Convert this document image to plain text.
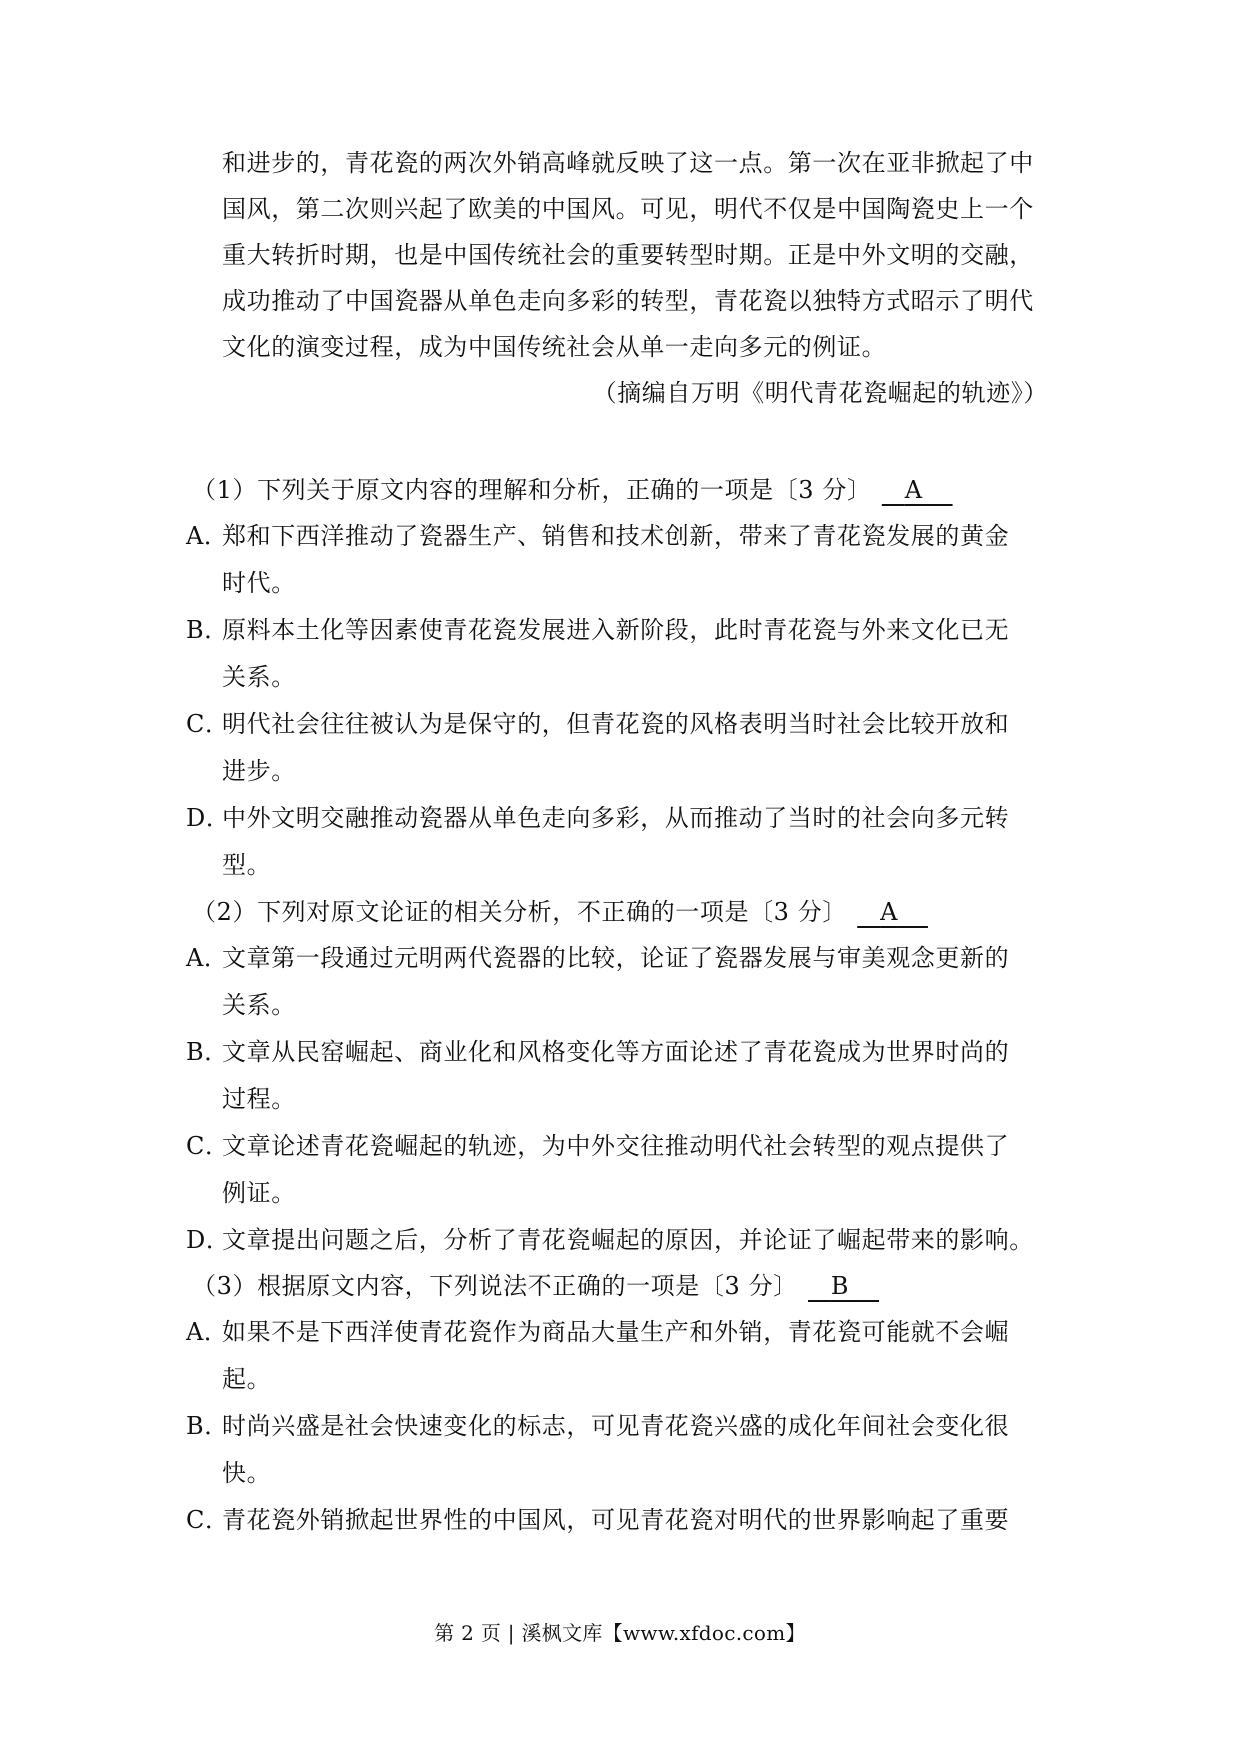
和进步的，青花瓷的两次外销高峰就反映了这一点。第一次在亚非掀起了中
国风，第二次则兴起了欧美的中国风。可见，明代不仅是中国陶瓷史上一个
重大转折时期，也是中国传统社会的重要转型时期。正是中外文明的交融，
成功推动了中国瓷器从单色走向多彩的转型，青花瓷以独特方式昭示了明代
文化的演变过程，成为中国传统社会从单一走向多元的例证。
（摘编自万明《明代青花瓷崛起的轨迹》）
（1）下列关于原文内容的理解和分析，正确的一项是〔3 分〕 A
A．郑和下西洋推动了瓷器生产、销售和技术创新，带来了青花瓷发展的黄金
时代。
B．原料本土化等因素使青花瓷发展进入新阶段，此时青花瓷与外来文化已无
关系。
C．明代社会往往被认为是保守的，但青花瓷的风格表明当时社会比较开放和
进步。
D．中外文明交融推动瓷器从单色走向多彩，从而推动了当时的社会向多元转
型。
（2）下列对原文论证的相关分析，不正确的一项是〔3 分〕 A
A．文章第一段通过元明两代瓷器的比较，论证了瓷器发展与审美观念更新的
关系。
B．文章从民窑崛起、商业化和风格变化等方面论述了青花瓷成为世界时尚的
过程。
C．文章论述青花瓷崛起的轨迹，为中外交往推动明代社会转型的观点提供了
例证。
D．文章提出问题之后，分析了青花瓷崛起的原因，并论证了崛起带来的影响。
（3）根据原文内容，下列说法不正确的一项是〔3 分〕 B
A．如果不是下西洋使青花瓷作为商品大量生产和外销，青花瓷可能就不会崛
起。
B．时尚兴盛是社会快速变化的标志，可见青花瓷兴盛的成化年间社会变化很
快。
C．青花瓷外销掀起世界性的中国风，可见青花瓷对明代的世界影响起了重要
第 2 页 | 溪枫文库【www.xfdoc.com】
